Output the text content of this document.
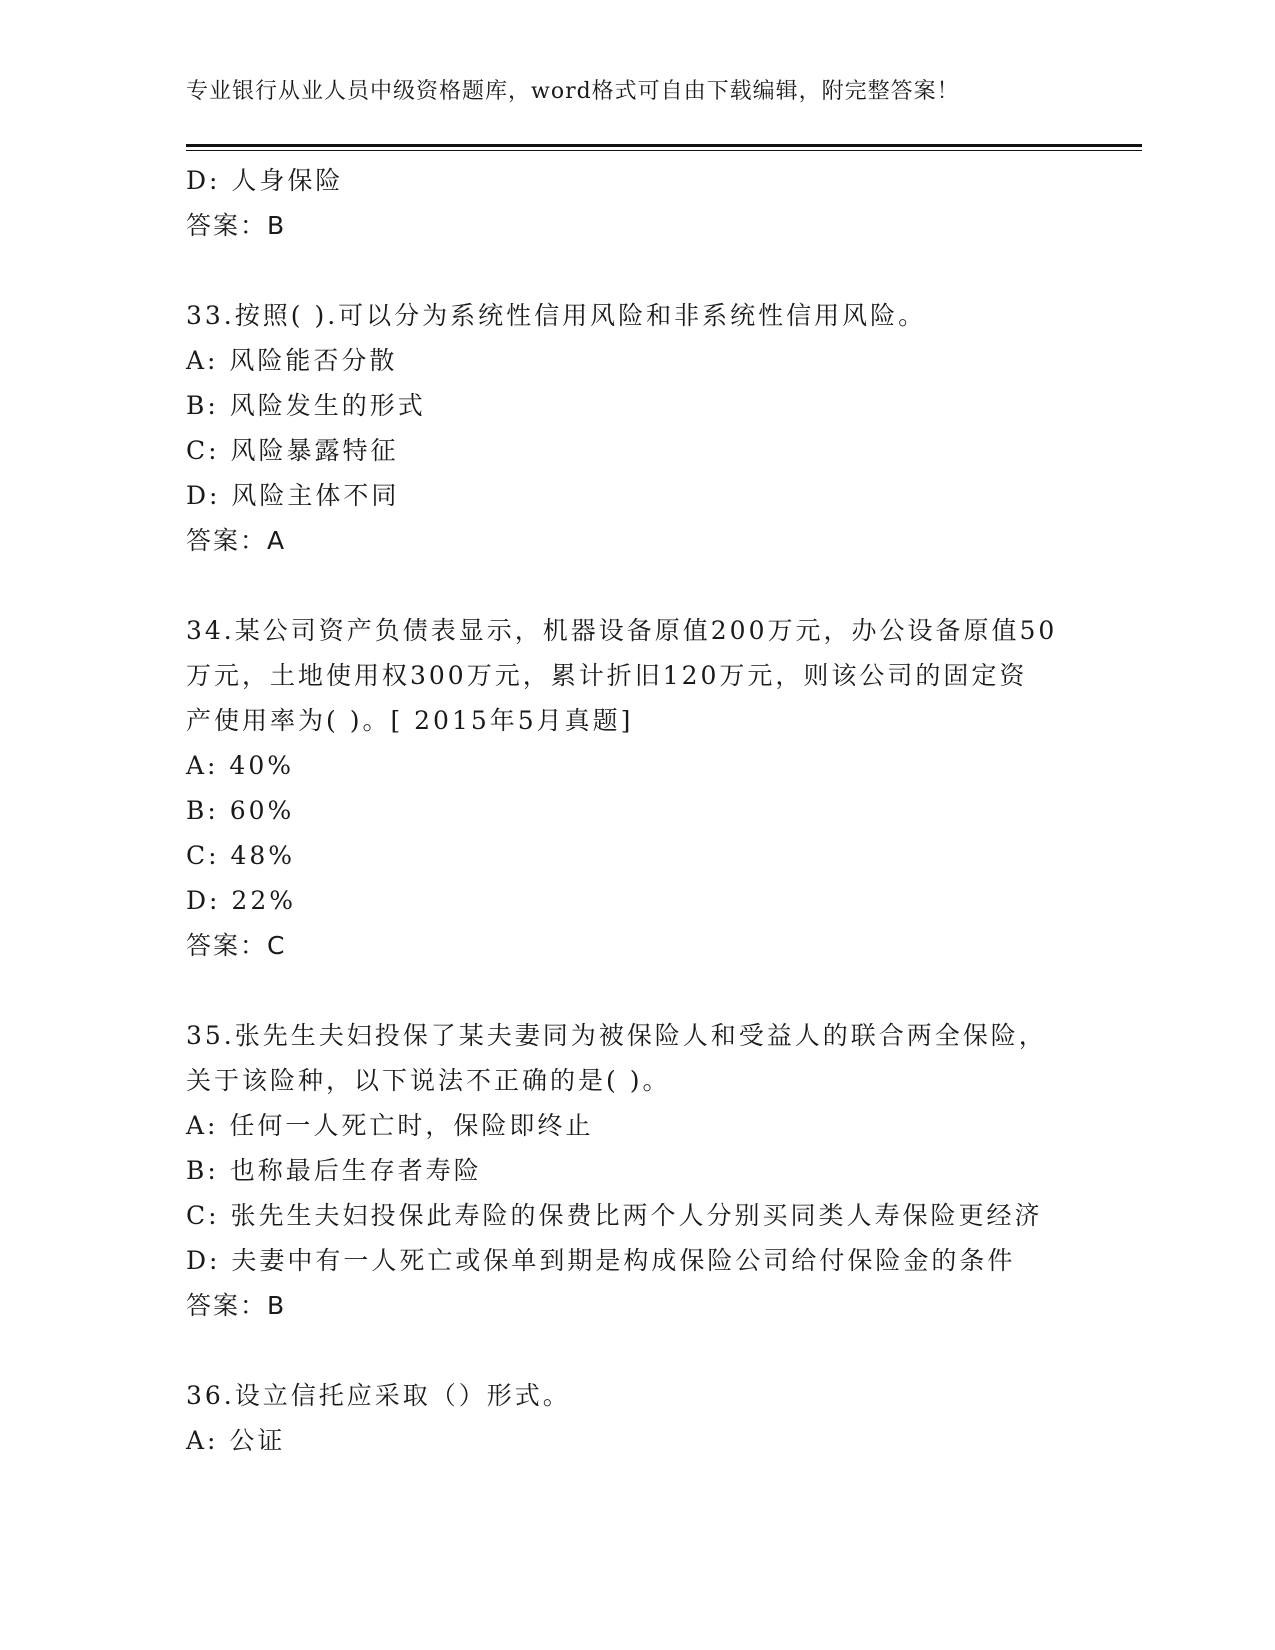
专业银行从业人员中级资格题库，word格式可自由下载编辑，附完整答案！
D: 人身保险
答案：B
33.按照( ).可以分为系统性信用风险和非系统性信用风险。
A: 风险能否分散
B: 风险发生的形式
C: 风险暴露特征
D: 风险主体不同
答案：A
34.某公司资产负债表显示，机器设备原值200万元，办公设备原值50
万元，土地使用权300万元，累计折旧120万元，则该公司的固定资
产使用率为( )。[ 2015年5月真题]
A: 40%
B: 60%
C: 48%
D: 22%
答案：C
35.张先生夫妇投保了某夫妻同为被保险人和受益人的联合两全保险，
关于该险种，以下说法不正确的是( )。
A: 任何一人死亡时，保险即终止
B: 也称最后生存者寿险
C: 张先生夫妇投保此寿险的保费比两个人分别买同类人寿保险更经济
D: 夫妻中有一人死亡或保单到期是构成保险公司给付保险金的条件
答案：B
36.设立信托应采取（）形式。
A: 公证
